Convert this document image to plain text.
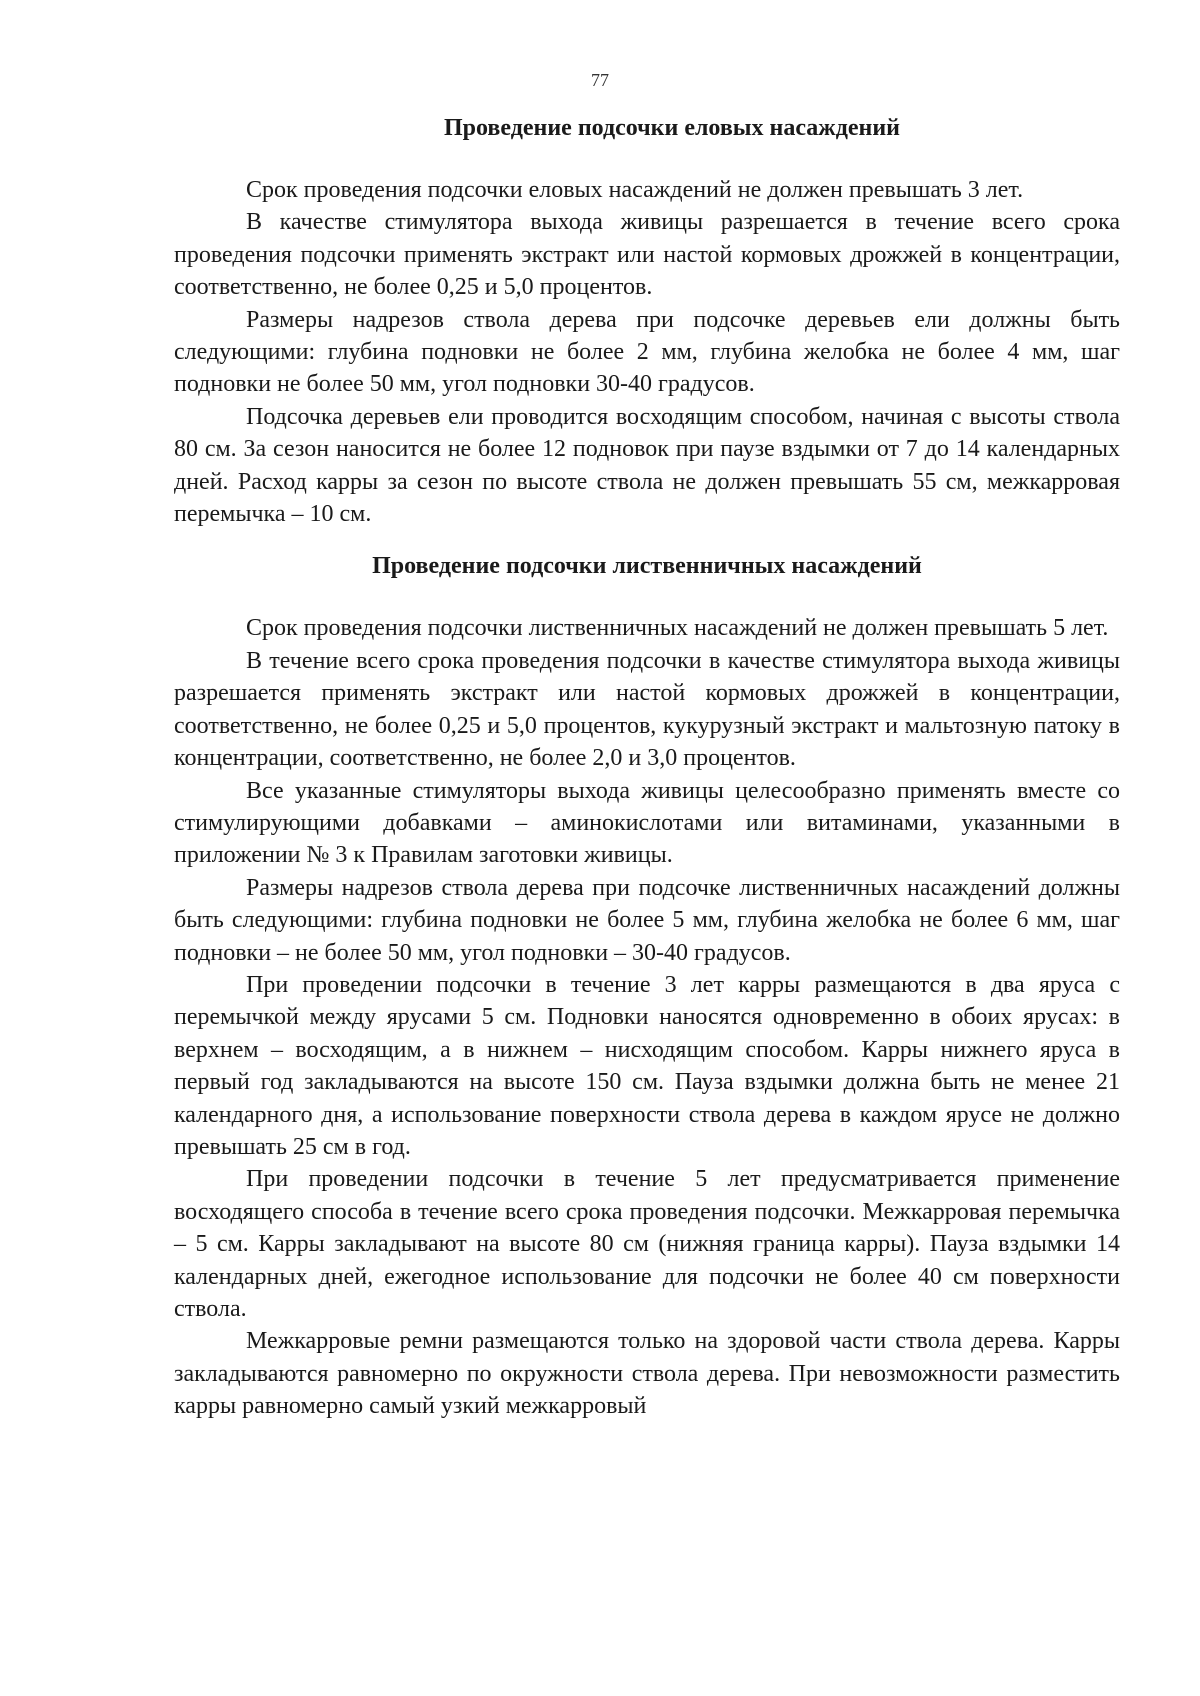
77
Проведение подсочки еловых насаждений

Срок проведения подсочки еловых насаждений не должен превышать 3 лет.

В качестве стимулятора выхода живицы разрешается в течение всего срока проведения подсочки применять экстракт или настой кормовых дрожжей в концентрации, соответственно, не более 0,25 и 5,0 процентов.

Размеры надрезов ствола дерева при подсочке деревьев ели должны быть следующими: глубина подновки не более 2 мм, глубина желобка не более 4 мм, шаг подновки не более 50 мм, угол подновки 30-40 градусов.

Подсочка деревьев ели проводится восходящим способом, начиная с высоты ствола 80 см. За сезон наносится не более 12 подновок при паузе вздымки от 7 до 14 календарных дней. Расход карры за сезон по высоте ствола не должен превышать 55 см, межкарровая перемычка – 10 см.

Проведение подсочки лиственничных насаждений

Срок проведения подсочки лиственничных насаждений не должен превышать 5 лет.

В течение всего срока проведения подсочки в качестве стимулятора выхода живицы разрешается применять экстракт или настой кормовых дрожжей в концентрации, соответственно, не более 0,25 и 5,0 процентов, кукурузный экстракт и мальтозную патоку в концентрации, соответственно, не более 2,0 и 3,0 процентов.

Все указанные стимуляторы выхода живицы целесообразно применять вместе со стимулирующими добавками – аминокислотами или витаминами, указанными в приложении № 3 к Правилам заготовки живицы.

Размеры надрезов ствола дерева при подсочке лиственничных насаждений должны быть следующими: глубина подновки не более 5 мм, глубина желобка не более 6 мм, шаг подновки – не более 50 мм, угол подновки – 30-40 градусов.

При проведении подсочки в течение 3 лет карры размещаются в два яруса с перемычкой между ярусами 5 см. Подновки наносятся одновременно в обоих ярусах: в верхнем – восходящим, а в нижнем – нисходящим способом. Карры нижнего яруса в первый год закладываются на высоте 150 см. Пауза вздымки должна быть не менее 21 календарного дня, а использование поверхности ствола дерева в каждом ярусе не должно превышать 25 см в год.

При проведении подсочки в течение 5 лет предусматривается применение восходящего способа в течение всего срока проведения подсочки. Межкарровая перемычка – 5 см. Карры закладывают на высоте 80 см (нижняя граница карры). Пауза вздымки 14 календарных дней, ежегодное использование для подсочки не более 40 см поверхности ствола.

Межкарровые ремни размещаются только на здоровой части ствола дерева. Карры закладываются равномерно по окружности ствола дерева. При невозможности разместить карры равномерно самый узкий межкарровый
